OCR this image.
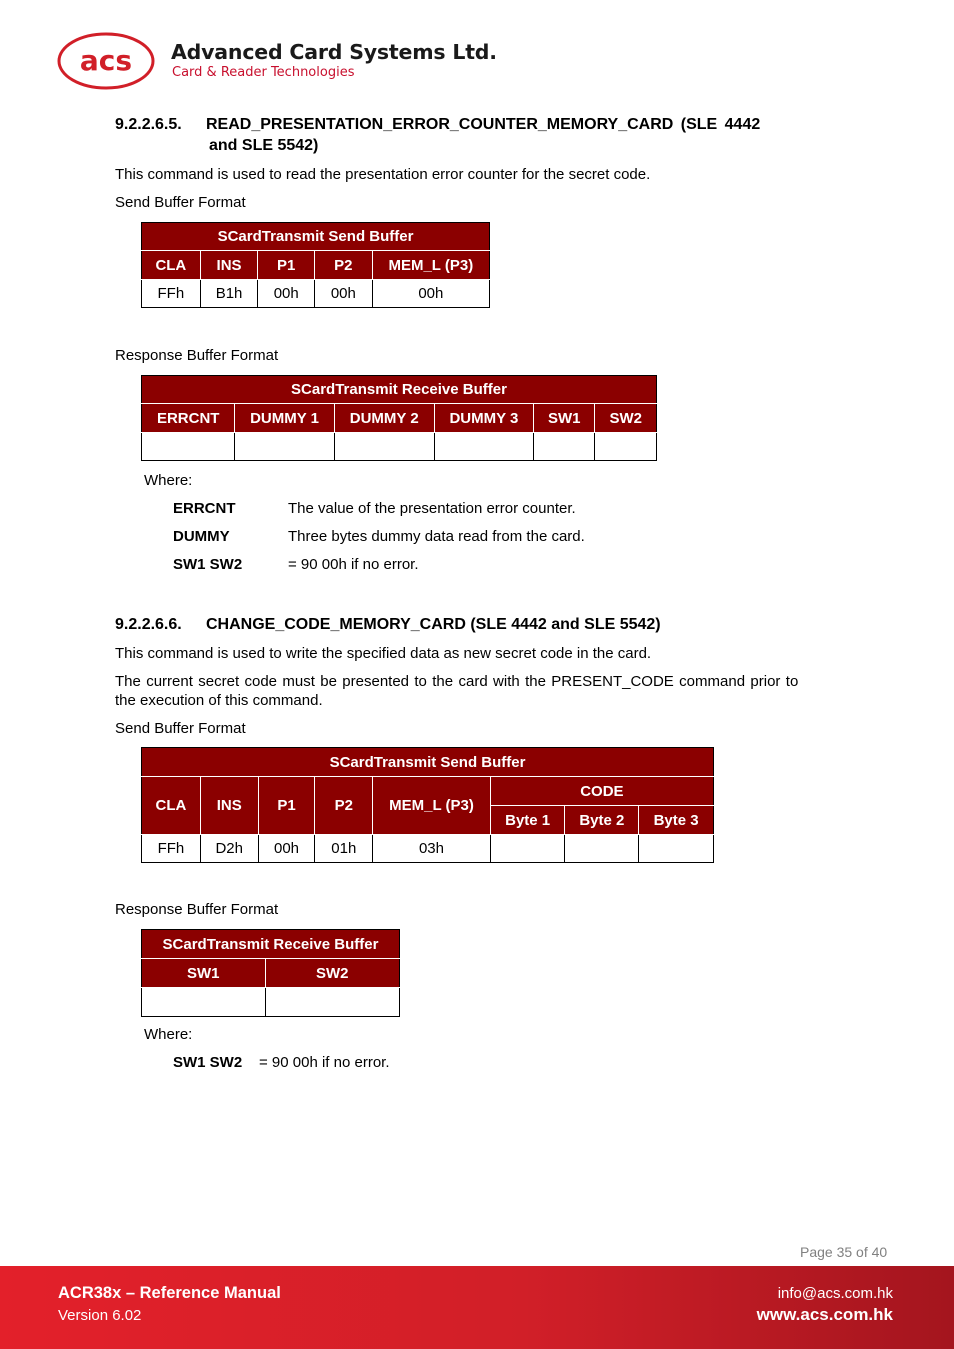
acs Advanced Card Systems Ltd.
Card & Reader Technologies
9.2.2.6.5. READ_PRESENTATION_ERROR_COUNTER_MEMORY_CARD (SLE 4442
and SLE 5542)
This command is used to read the presentation error counter for the secret code.
Send Buffer Format
SCardTransmit Send Buffer				
CLA	INS	P1	P2	MEM_L (P3)
FFh	B1h	00h	00h	00h
Response Buffer Format
SCardTransmit Receive Buffer					
ERRCNT	DUMMY 1	DUMMY 2	DUMMY 3	SW1	SW2

Where:
ERRCNT	The value of the presentation error counter.
DUMMY	Three bytes dummy data read from the card.
SW1 SW2	= 90 00h if no error.
9.2.2.6.6. CHANGE_CODE_MEMORY_CARD (SLE 4442 and SLE 5542)
This command is used to write the specified data as new secret code in the card.
The current secret code must be presented to the card with the PRESENT_CODE command prior to
the execution of this command.
Send Buffer Format
SCardTransmit Send Buffer							
CLA	INS	P1	P2	MEM_L (P3)	CODE		
					Byte 1	Byte 2	Byte 3
FFh	D2h	00h	01h	03h			
Response Buffer Format
SCardTransmit Receive Buffer	
SW1	SW2

Where:
SW1 SW2 = 90 00h if no error.
Page 35 of 40
ACR38x – Reference Manual
Version 6.02
info@acs.com.hk
www.acs.com.hk
